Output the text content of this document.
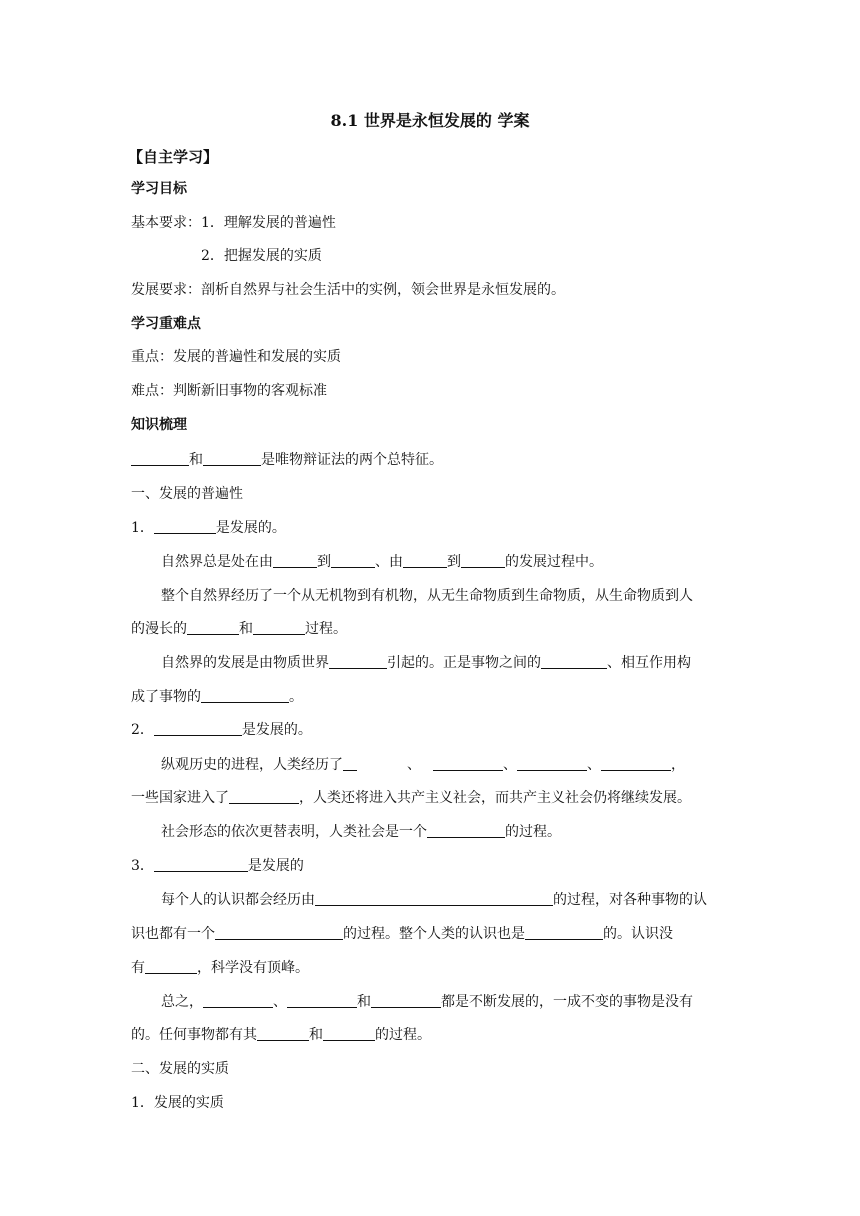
8.1 世界是永恒发展的 学案
【自主学习】
学习目标
基本要求：1．理解发展的普遍性
2．把握发展的实质
发展要求：剖析自然界与社会生活中的实例，领会世界是永恒发展的。
学习重难点
重点：发展的普遍性和发展的实质
难点：判断新旧事物的客观标准
知识梳理
和	是唯物辩证法的两个总特征。
一、发展的普遍性
1．	是发展的。
自然界总是处在由	到	、由	到	的发展过程中。
整个自然界经历了一个从无机物到有机物，从无生命物质到生命物质，从生命物质到人
的漫长的	和	过程。
自然界的发展是由物质世界	引起的。正是事物之间的	、相互作用构
成了事物的	。
2．	是发展的。
纵观历史的进程，人类经历了	、	、	、	，
一些国家进入了	，人类还将进入共产主义社会，而共产主义社会仍将继续发展。
社会形态的依次更替表明，人类社会是一个	的过程。
3．	是发展的
每个人的认识都会经历由	的过程，对各种事物的认
识也都有一个	的过程。整个人类的认识也是	的。认识没
有	，科学没有顶峰。
总之，	、	和	都是不断发展的，一成不变的事物是没有
的。任何事物都有其	和	的过程。
二、发展的实质
1．发展的实质
